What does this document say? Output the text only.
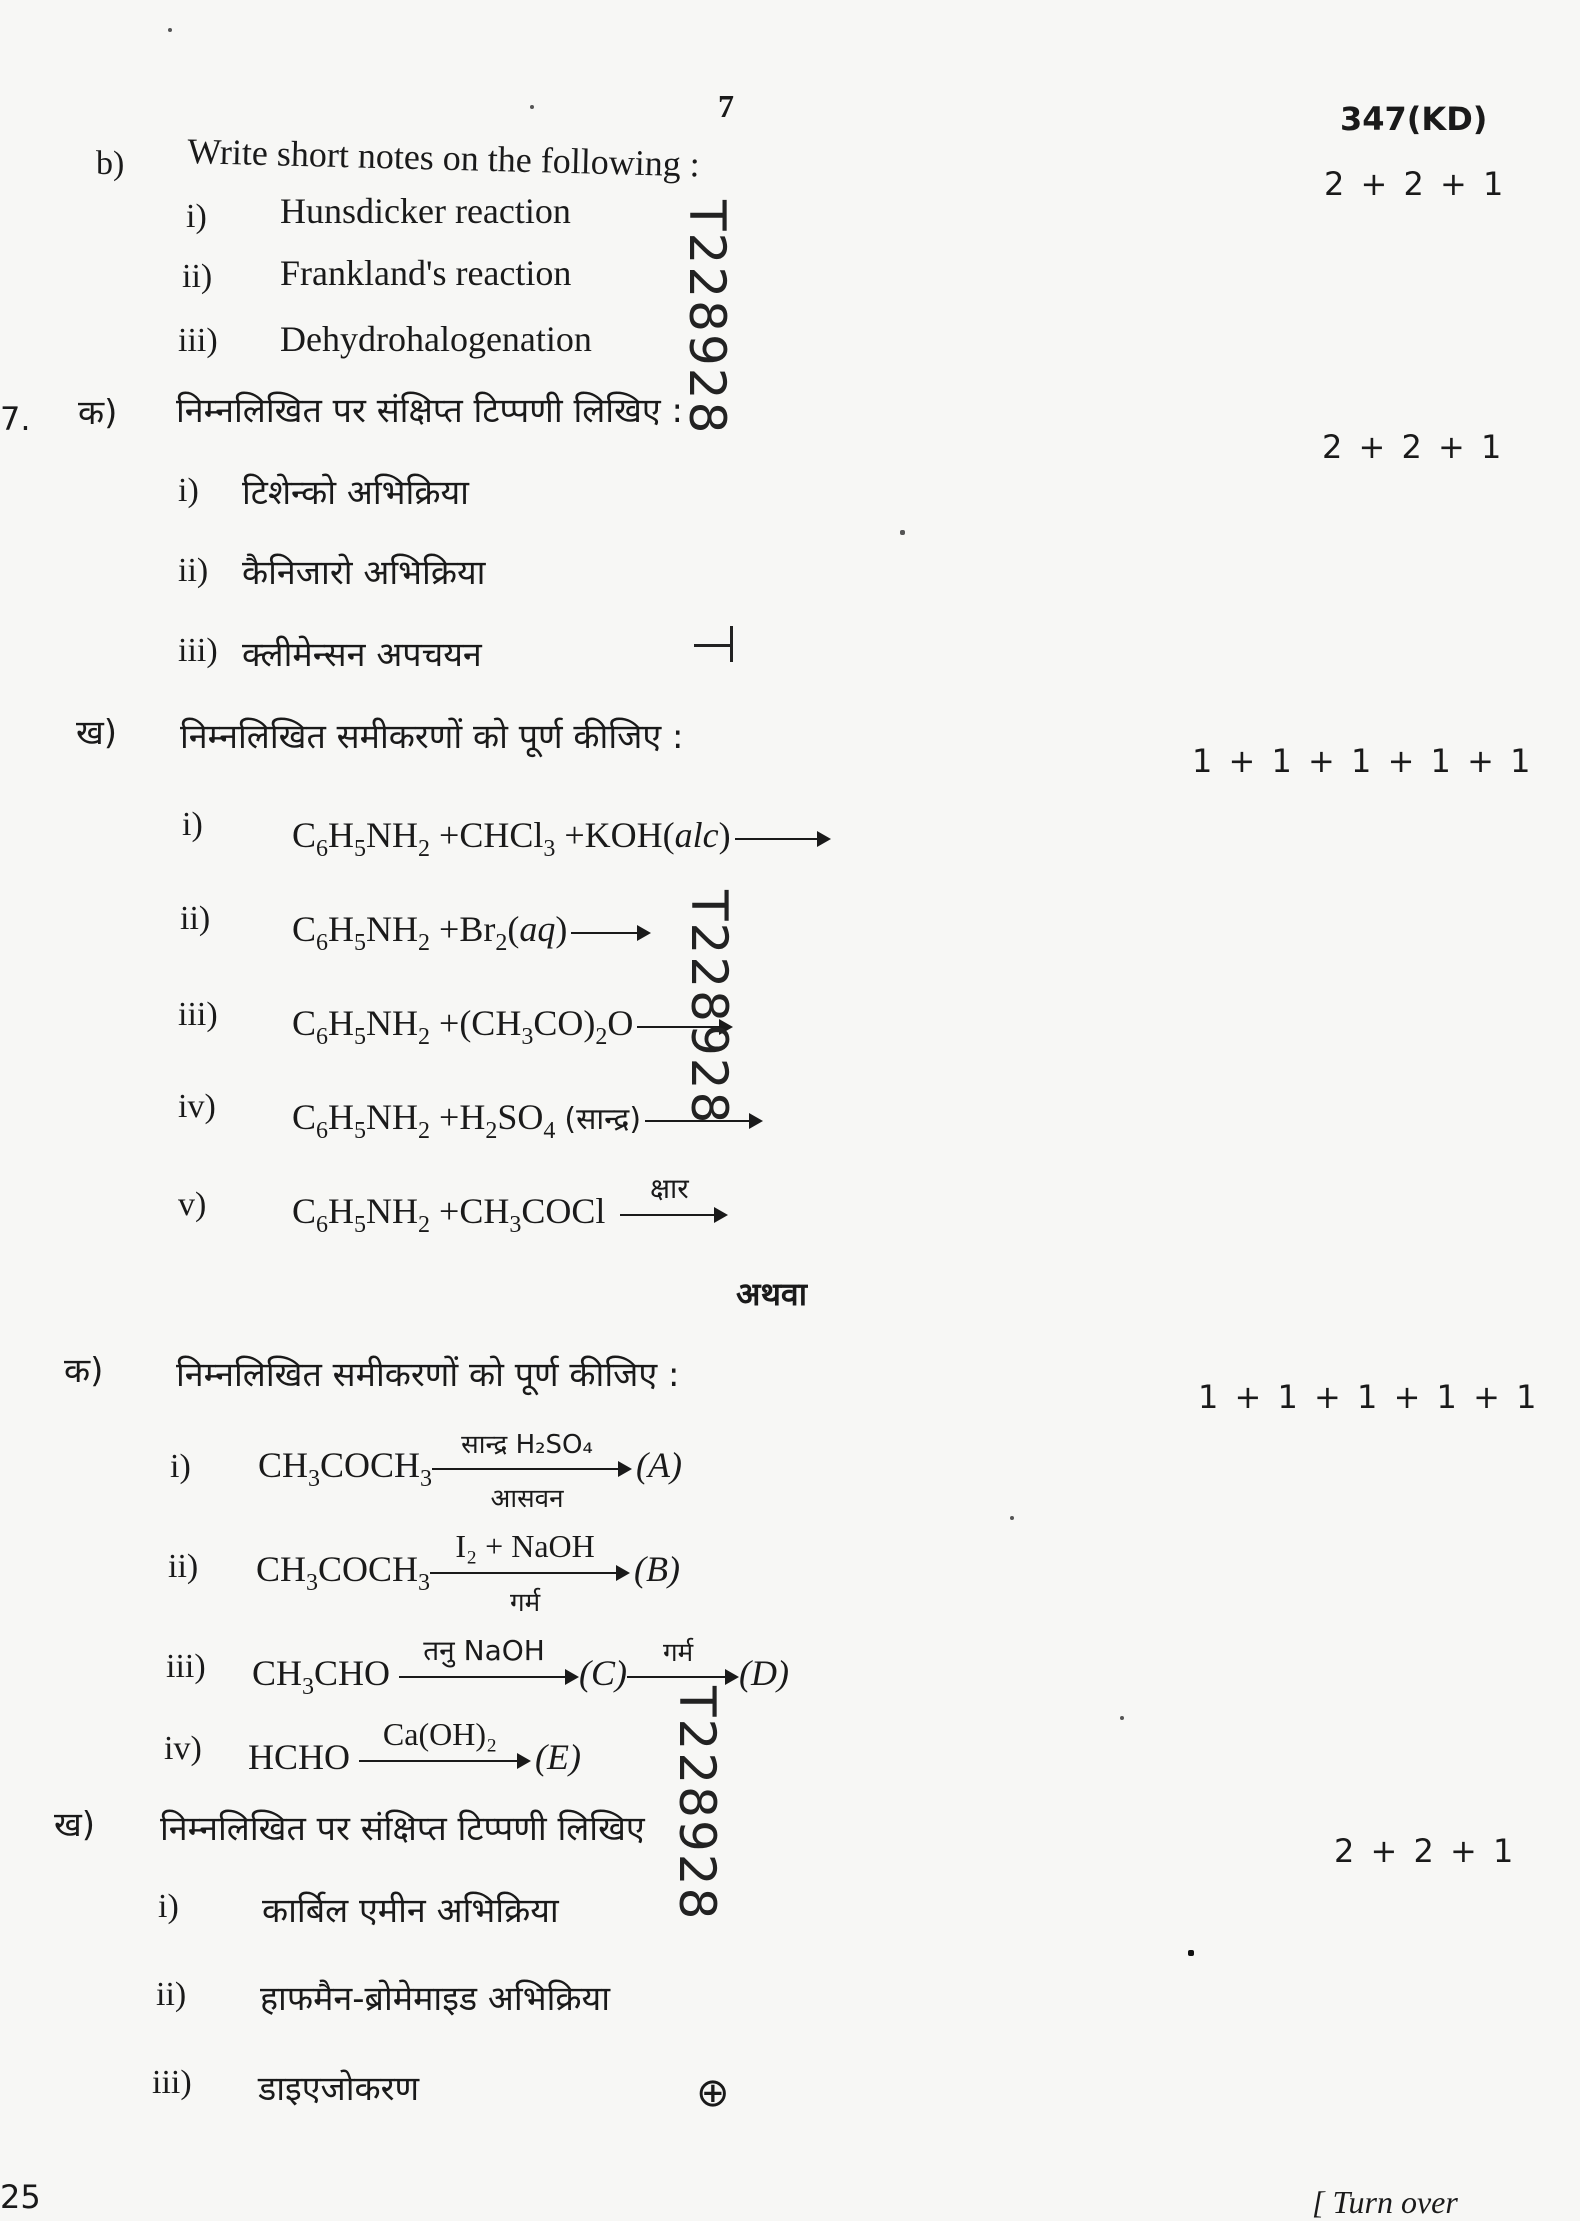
7	347(KD)
b) Write short notes on the following :	2 + 2 + 1
i) Hunsdicker reaction
ii) Frankland's reaction
iii) Dehydrohalogenation
7. क) निम्नलिखित पर संक्षिप्त टिप्पणी लिखिए :
2 + 2 + 1
i) टिशेन्को अभिक्रिया
ii) कैनिजारो अभिक्रिया
iii) क्लीमेन्सन अपचयन
ख) निम्नलिखित समीकरणों को पूर्ण कीजिए :
1 + 1 + 1 + 1 + 1
i) C 6 H 5 NH 2 +CHCl 3 +KOH( alc )
ii) C 6 H 5 NH 2 +Br 2 ( aq )
iii) C 6 H 5 NH 2 +(CH 3 CO) 2 O
iv) C 6 H 5 NH 2 +H 2 SO 4
(सान्द्र)
v) C 6 H 5 NH 2 +CH 3 COCl
क्षार
अथवा
क) निम्नलिखित समीकरणों को पूर्ण कीजिए :
1 + 1 + 1 + 1 + 1
i) CH 3 COCH 3
सान्द्र H₂SO₄
आसवन
(A)
ii) CH 3 COCH 3
I₂ + NaOH
गर्म
(B)
iii) CH 3 CHO
तनु NaOH
(C)	गर्म	(D)
iv) HCHO
Ca(OH)₂
(E)
ख) निम्नलिखित पर संक्षिप्त टिप्पणी लिखिए
2 + 2 + 1
i) कार्बिल एमीन अभिक्रिया
ii) हाफमैन-ब्रोमेमाइड अभिक्रिया
iii) डाइएजोकरण	⊕
T228928
T228928
T228928
25	[ Turn over
